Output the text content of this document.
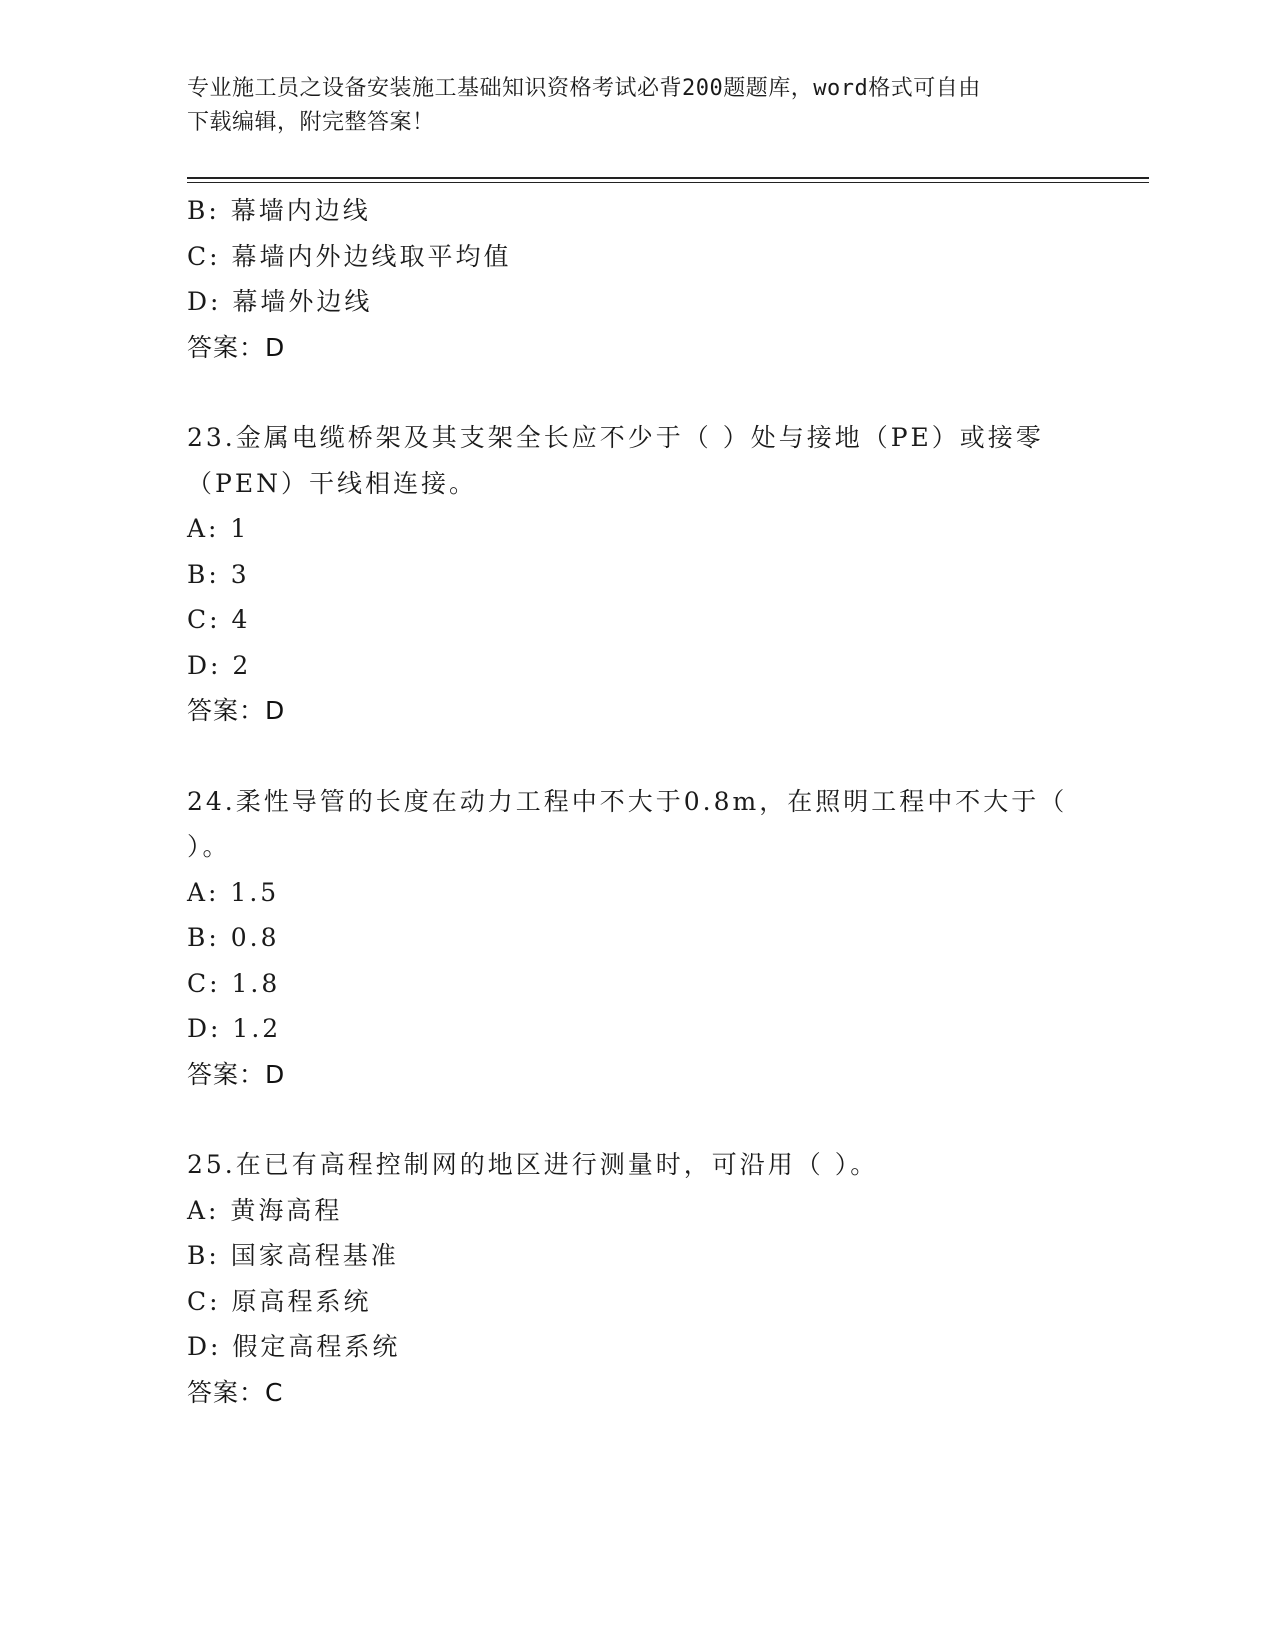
专业施工员之设备安装施工基础知识资格考试必背200题题库，word格式可自由
下载编辑，附完整答案！
B: 幕墙内边线
C: 幕墙内外边线取平均值
D: 幕墙外边线
答案：D
23.金属电缆桥架及其支架全长应不少于（ ）处与接地（PE）或接零
（PEN）干线相连接。
A: 1
B: 3
C: 4
D: 2
答案：D
24.柔性导管的长度在动力工程中不大于0.8m，在照明工程中不大于（
）。
A: 1.5
B: 0.8
C: 1.8
D: 1.2
答案：D
25.在已有高程控制网的地区进行测量时，可沿用（ ）。
A: 黄海高程
B: 国家高程基准
C: 原高程系统
D: 假定高程系统
答案：C
